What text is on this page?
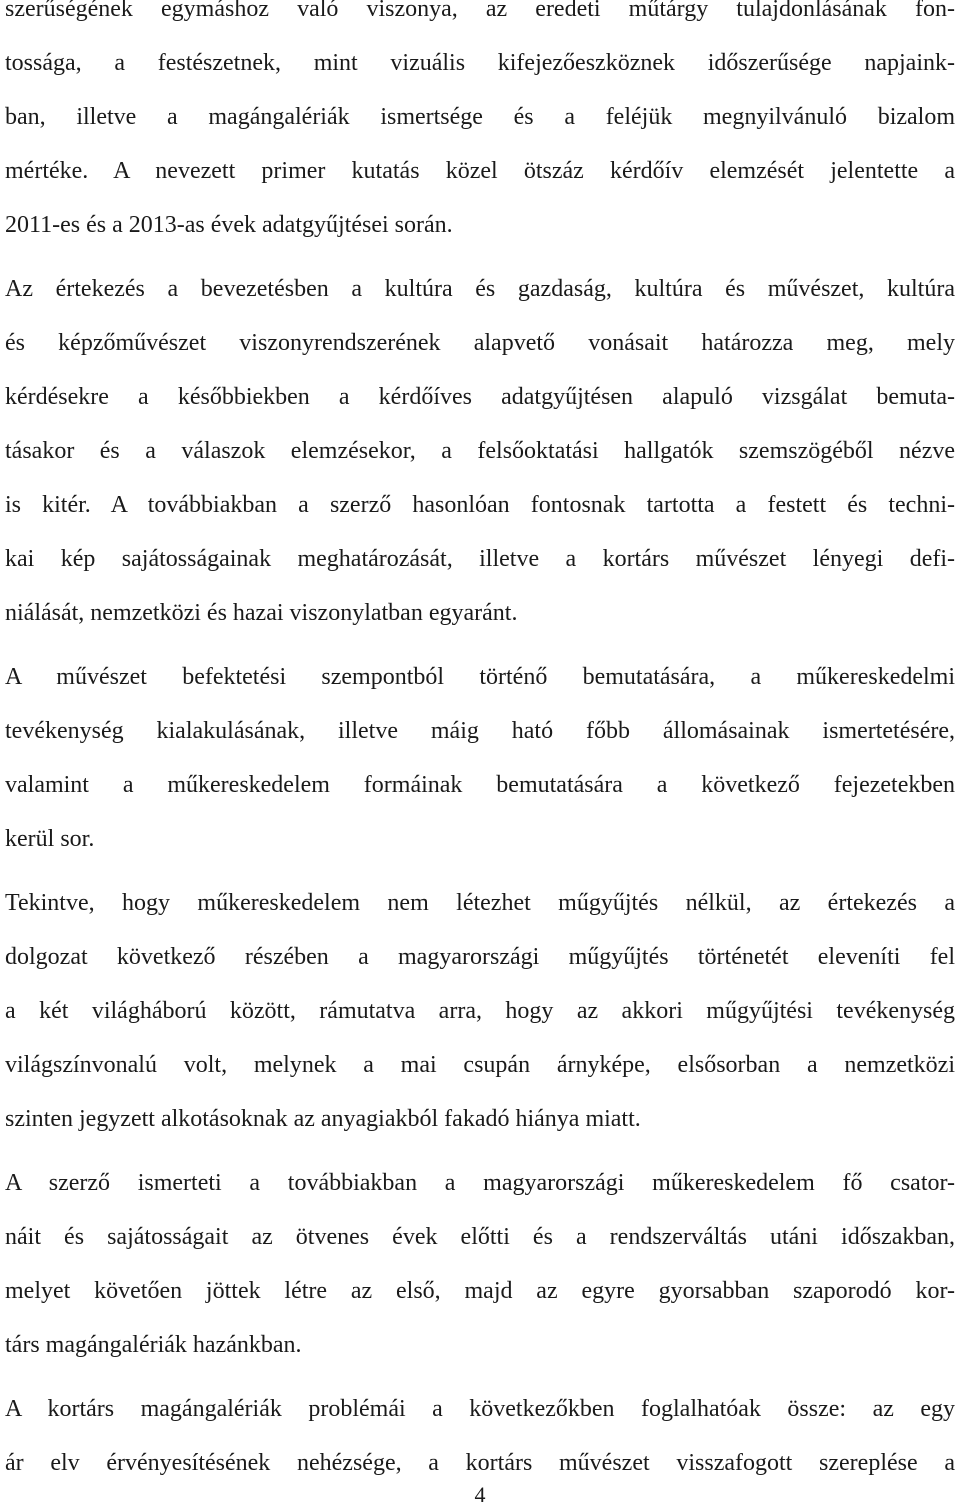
szerűségének egymáshoz való viszonya, az eredeti műtárgy tulajdonlásának fon-
tossága, a festészetnek, mint vizuális kifejezőeszköznek időszerűsége napjaink-
ban, illetve a magángalériák ismertsége és a feléjük megnyilvánuló bizalom
mértéke. A nevezett primer kutatás közel ötszáz kérdőív elemzését jelentette a
2011-es és a 2013-as évek adatgyűjtései során.
Az értekezés a bevezetésben a kultúra és gazdaság, kultúra és művészet, kultúra
és képzőművészet viszonyrendszerének alapvető vonásait határozza meg, mely
kérdésekre a későbbiekben a kérdőíves adatgyűjtésen alapuló vizsgálat bemuta-
tásakor és a válaszok elemzésekor, a felsőoktatási hallgatók szemszögéből nézve
is kitér. A továbbiakban a szerző hasonlóan fontosnak tartotta a festett és techni-
kai kép sajátosságainak meghatározását, illetve a kortárs művészet lényegi defi-
niálását, nemzetközi és hazai viszonylatban egyaránt.
A művészet befektetési szempontból történő bemutatására, a műkereskedelmi
tevékenység kialakulásának, illetve máig ható főbb állomásainak ismertetésére,
valamint a műkereskedelem formáinak bemutatására a következő fejezetekben
kerül sor.
Tekintve, hogy műkereskedelem nem létezhet műgyűjtés nélkül, az értekezés a
dolgozat következő részében a magyarországi műgyűjtés történetét eleveníti fel
a két világháború között, rámutatva arra, hogy az akkori műgyűjtési tevékenység
világszínvonalú volt, melynek a mai csupán árnyképe, elsősorban a nemzetközi
szinten jegyzett alkotásoknak az anyagiakból fakadó hiánya miatt.
A szerző ismerteti a továbbiakban a magyarországi műkereskedelem fő csator-
náit és sajátosságait az ötvenes évek előtti és a rendszerváltás utáni időszakban,
melyet követően jöttek létre az első, majd az egyre gyorsabban szaporodó kor-
társ magángalériák hazánkban.
A kortárs magángalériák problémái a következőkben foglalhatóak össze: az egy
ár elv érvényesítésének nehézsége, a kortárs művészet visszafogott szereplése a
4
